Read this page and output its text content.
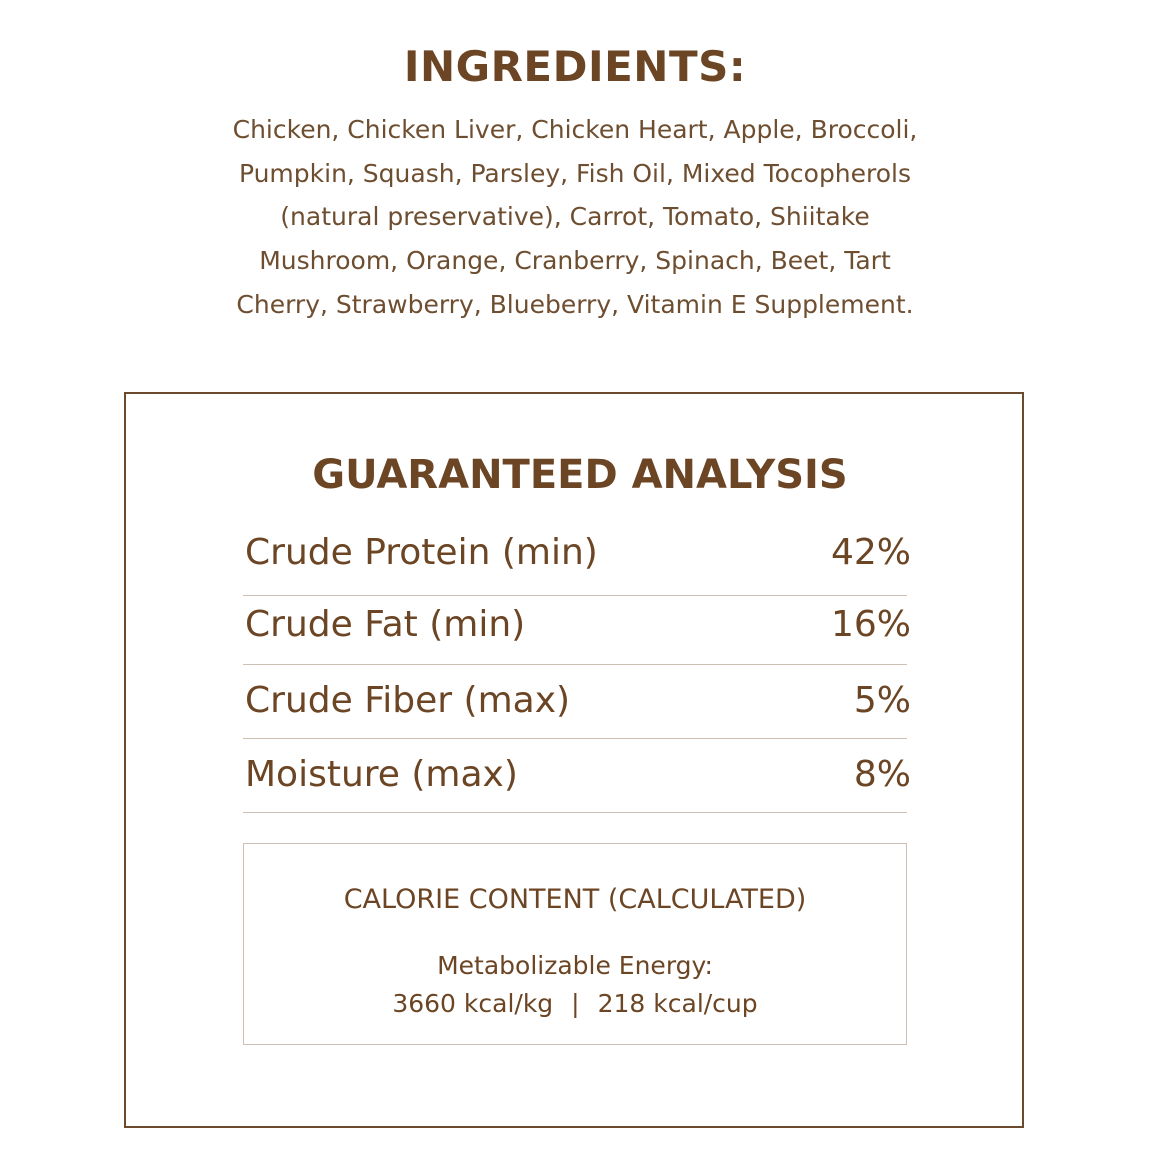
INGREDIENTS:
Chicken, Chicken Liver, Chicken Heart, Apple, Broccoli,
Pumpkin, Squash, Parsley, Fish Oil, Mixed Tocopherols
(natural preservative), Carrot, Tomato, Shiitake
Mushroom, Orange, Cranberry, Spinach, Beet, Tart
Cherry, Strawberry, Blueberry, Vitamin E Supplement.
GUARANTEED ANALYSIS
Crude Protein (min)	42%
Crude Fat (min)	16%
Crude Fiber (max)	5%
Moisture (max)	8%
CALORIE CONTENT (CALCULATED)
Metabolizable Energy:
3660 kcal/kg | 218 kcal/cup
